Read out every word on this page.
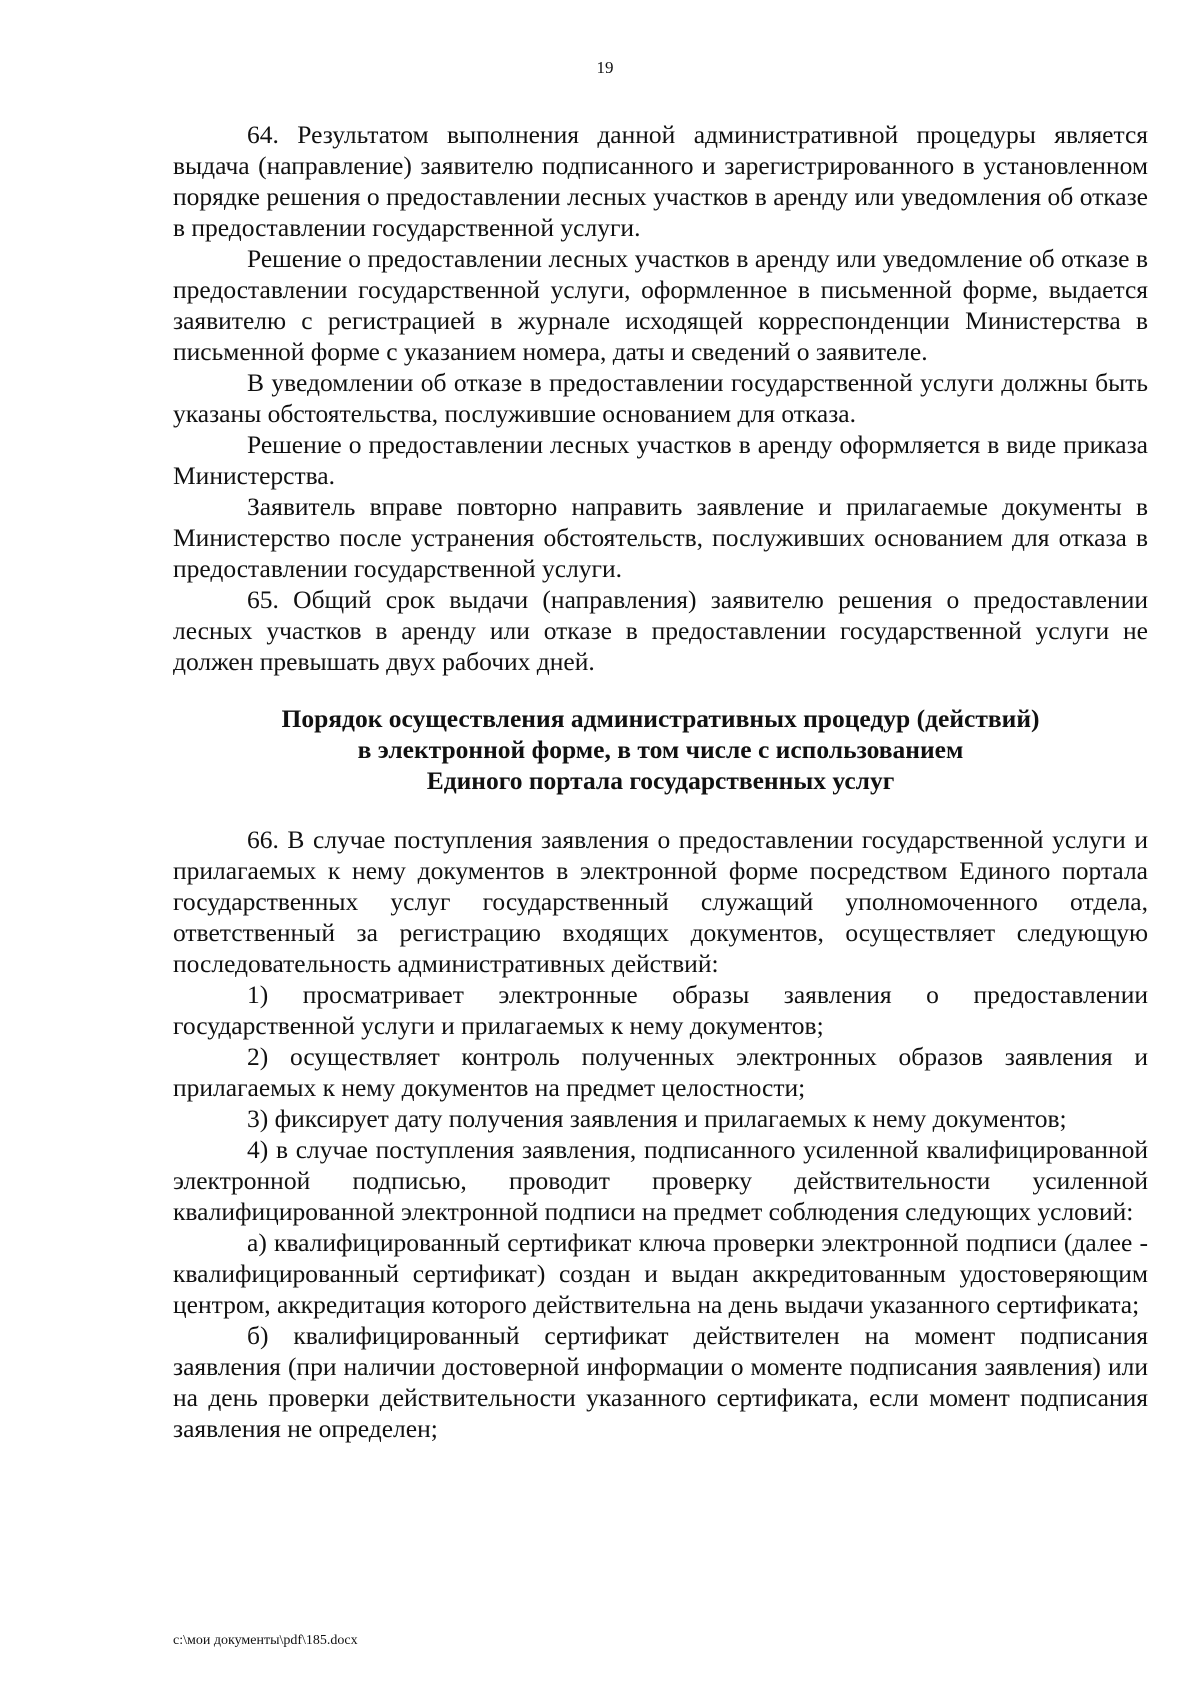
19

64. Результатом выполнения данной административной процедуры является выдача (направление) заявителю подписанного и зарегистрированного в установленном порядке решения о предоставлении лесных участков в аренду или уведомления об отказе в предоставлении государственной услуги.

Решение о предоставлении лесных участков в аренду или уведомление об отказе в предоставлении государственной услуги, оформленное в письменной форме, выдается заявителю с регистрацией в журнале исходящей корреспонденции Министерства в письменной форме с указанием номера, даты и сведений о заявителе.

В уведомлении об отказе в предоставлении государственной услуги должны быть указаны обстоятельства, послужившие основанием для отказа.

Решение о предоставлении лесных участков в аренду оформляется в виде приказа Министерства.

Заявитель вправе повторно направить заявление и прилагаемые документы в Министерство после устранения обстоятельств, послуживших основанием для отказа в предоставлении государственной услуги.

65. Общий срок выдачи (направления) заявителю решения о предоставлении лесных участков в аренду или отказе в предоставлении государственной услуги не должен превышать двух рабочих дней.

Порядок осуществления административных процедур (действий)
в электронной форме, в том числе с использованием
Единого портала государственных услуг

66. В случае поступления заявления о предоставлении государственной услуги и прилагаемых к нему документов в электронной форме посредством Единого портала государственных услуг государственный служащий уполномоченного отдела, ответственный за регистрацию входящих документов, осуществляет следующую последовательность административных действий:

1) просматривает электронные образы заявления о предоставлении государственной услуги и прилагаемых к нему документов;

2) осуществляет контроль полученных электронных образов заявления и прилагаемых к нему документов на предмет целостности;

3) фиксирует дату получения заявления и прилагаемых к нему документов;

4) в случае поступления заявления, подписанного усиленной квалифицированной электронной подписью, проводит проверку действительности усиленной квалифицированной электронной подписи на предмет соблюдения следующих условий:

а) квалифицированный сертификат ключа проверки электронной подписи (далее - квалифицированный сертификат) создан и выдан аккредитованным удостоверяющим центром, аккредитация которого действительна на день выдачи указанного сертификата;

б) квалифицированный сертификат действителен на момент подписания заявления (при наличии достоверной информации о моменте подписания заявления) или на день проверки действительности указанного сертификата, если момент подписания заявления не определен;

c:\мои документы\pdf\185.docx
